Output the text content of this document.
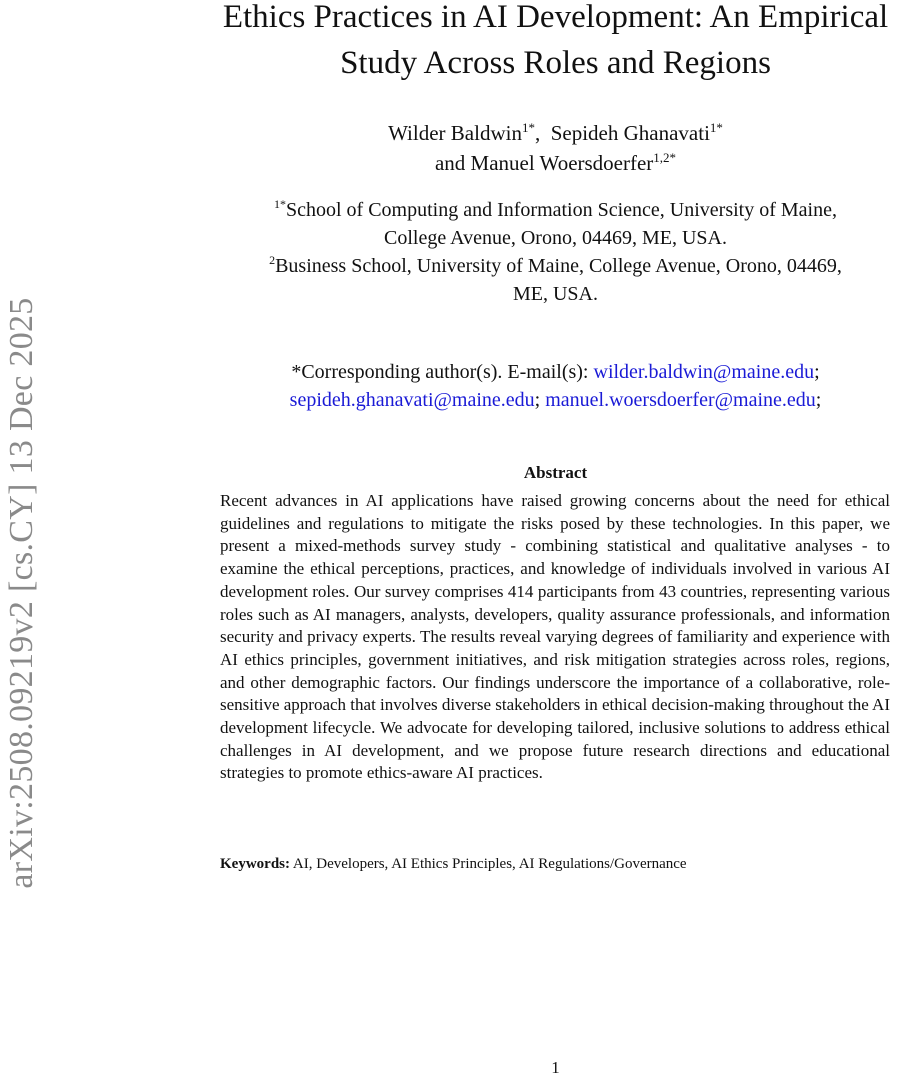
arXiv:2508.09219v2 [cs.CY] 13 Dec 2025
Ethics Practices in AI Development: An Empirical
Study Across Roles and Regions
Wilder Baldwin$^{1*}$,  Sepideh Ghanavati$^{1*}$
and Manuel Woersdoerfer$^{1,2*}$
$^{1*}$School of Computing and Information Science, University of Maine,
College Avenue, Orono, 04469, ME, USA.
$^2$Business School, University of Maine, College Avenue, Orono, 04469,
ME, USA.
*Corresponding author(s). E-mail(s): wilder.baldwin@maine.edu;
sepideh.ghanavati@maine.edu; manuel.woersdoerfer@maine.edu;
Abstract

Recent advances in AI applications have raised growing concerns about the need for ethical guidelines and regulations to mitigate the risks posed by these technologies. In this paper, we present a mixed-methods survey study - combining statistical and qualitative analyses - to examine the ethical perceptions, practices, and knowledge of individuals involved in various AI development roles. Our survey comprises 414 participants from 43 countries, representing various roles such as AI managers, analysts, developers, quality assurance professionals, and information security and privacy experts. The results reveal varying degrees of familiarity and experience with AI ethics principles, government initiatives, and risk mitigation strategies across roles, regions, and other demographic factors. Our findings underscore the importance of a collaborative, role-sensitive approach that involves diverse stakeholders in ethical decision-making throughout the AI development lifecycle. We advocate for developing tailored, inclusive solutions to address ethical challenges in AI development, and we propose future research directions and educational strategies to promote ethics-aware AI practices.

Keywords: AI, Developers, AI Ethics Principles, AI Regulations/Governance
1
